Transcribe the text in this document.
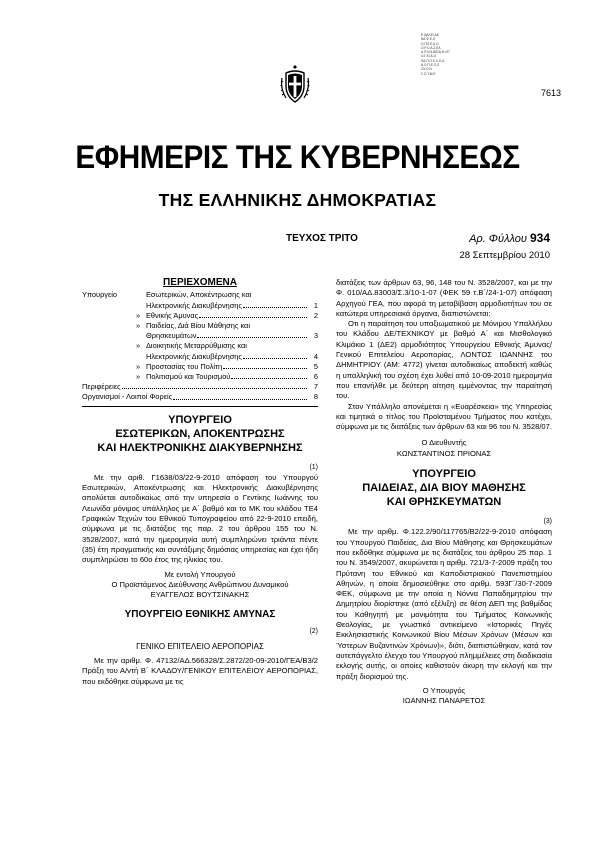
Ε.ΘΑΛΕΙ.ΑΚ
ΝΑ.Φ.Ε.Ο
Ο.ΠΟ.Ε.Α.Ο
Ο.Ρ.Ο.Α.Σ.ΕΑ
Α.Π.Ν.5.ΒΑΤΑ.Η.ΛΠ
Ο.Γ.ΕΙ.Α.Ο
ΠΑ.Π.Ο.Ε.Λ.Ο.Α
Α.Ο.Π.Ε.Π.Ο
ΟΥ.Ο.Ν
Σ.Ο.Τ.Μ.Ε
7613
ΕΦΗΜΕΡΙΣ ΤΗΣ ΚΥΒΕΡΝΗΣΕΩΣ
ΤΗΣ ΕΛΛΗΝΙΚΗΣ ΔΗΜΟΚΡΑΤΙΑΣ
ΤΕΥΧΟΣ ΤΡΙΤΟ	Αρ. Φύλλου 934
28 Σεπτεμβρίου 2010
ΠΕΡΙΕΧΟΜΕΝΑ
Υπουργείο		Εσωτερικών, Αποκέντρωσης και	

		Ηλεκτρονικής Διακυβέρνησης	1
	»	Εθνικής Άμυνας	2
	»	Παιδείας, Διά Βίου Μάθησης και	

		Θρησκευμάτων	3
	»	Διοικητικής Μεταρρύθμισης και	

		Ηλεκτρονικής Διακυβέρνησης	4
	»	Προστασίας του Πολίτη	5
	»	Πολιτισμού και Τουρισμού	6

Περιφέρειες			7

Οργανισμοί - Λοιποί Φορείς			8
ΥΠΟΥΡΓΕΙΟ
ΕΣΩΤΕΡΙΚΩΝ, ΑΠΟΚΕΝΤΡΩΣΗΣ
ΚΑΙ ΗΛΕΚΤΡΟΝΙΚΗΣ ΔΙΑΚΥΒΕΡΝΗΣΗΣ
(1)
Με την αριθ. Γ1638/03/22-9-2010 απόφαση του Υπουργού Εσωτερικών, Αποκέντρωσης και Ηλεκτρονικής Διακυβέρνησης απολύεται αυτοδικαίως από την υπηρεσία ο Γεντίκης Ιωάννης του Λεωνίδα μόνιμος υπάλληλος με Α΄ βαθμό και το ΜΚ του κλάδου ΤΕ4 Γραφικών Τεχνών του Εθνικού Τυπογραφείου από 22-9-2010 επειδή, σύμφωνα με τις διατάξεις της παρ. 2 του άρθρου 155 του Ν. 3528/2007, κατά την ημερομηνία αυτή συμπληρώνει τριάντα πέντε (35) έτη πραγματικής και συντάξιμης δημόσιας υπηρεσίας και έχει ήδη συμπληρώσει το 60ο έτος της ηλικίας του.
Με εντολή Υπουργού
Ο Προϊστάμενος Διεύθυνσης Ανθρώπινου Δυναμικού
ΕΥΑΓΓΕΛΟΣ ΒΟΥΤΣΙΝΑΚΗΣ
ΥΠΟΥΡΓΕΙΟ ΕΘΝΙΚΗΣ ΑΜΥΝΑΣ
(2)
ΓΕΝΙΚΟ ΕΠΙΤΕΛΕΙΟ ΑΕΡΟΠΟΡΙΑΣ
Με την αριθμ. Φ. 47132/ΑΔ.566328/Σ.2872/20-09-2010/ΓΕΑ/Β3/2 Πράξη του Α/ντή Β΄ ΚΛΑΔΟΥ/ΓΕΝΙΚΟΥ ΕΠΙΤΕΛΕΙΟΥ ΑΕΡΟΠΟΡΙΑΣ, που εκδόθηκε σύμφωνα με τις
διατάξεις των άρθρων 63, 96, 148 του Ν. 3528/2007, και με την Φ. 010/ΑΔ.83003/Σ.3/10-1-07 (ΦΕΚ 59 τ.Β΄/24-1-07) απόφαση Αρχηγού ΓΕΑ, που αφορά τη μεταβίβαση αρμοδιοτήτων του σε κατώτερα υπηρεσιακά όργανα, διαπιστώνεται:
Οτι η παραίτηση του υπαξιωματικού με Μόνιμου Υπαλλήλου του Κλάδου ΔΕ/ΤΕΧΝΙΚΟΥ με βαθμό Α΄ και Μισθολογικό Κλιμάκιο 1 (ΔΕ2) αρμοδιότητος Υπουργείου Εθνικής Άμυνας/Γενικού Επιτελείου Αεροπορίας, ΛΟΝΤΟΣ ΙΩΑΝΝΗΣ του ΔΗΜΗΤΡΙΟΥ (ΑΜ: 4772) γίνεται αυτοδικαίως αποδεκτή καθώς η υπαλληλική του σχέση έχει λυθεί από 10-09-2010 ημερομηνία που επανήλθε με δεύτερη αίτηση εμμένοντας την παραίτησή του.
Στον Υπάλληλο απονέμεται η «Ευαρέσκεια» της Υπηρεσίας και τιμητικά ο τίτλος του Προϊσταμένου Τμήματος που κατέχει, σύμφωνα με τις διατάξεις των άρθρων 63 και 96 του Ν. 3528/07.
Ο Διευθυντής
ΚΩΝΣΤΑΝΤΙΝΟΣ ΠΡΙΟΝΑΣ
ΥΠΟΥΡΓΕΙΟ
ΠΑΙΔΕΙΑΣ, ΔΙΑ ΒΙΟΥ ΜΑΘΗΣΗΣ
ΚΑΙ ΘΡΗΣΚΕΥΜΑΤΩΝ
(3)
Με την αριθμ. Φ.122.2/90/117765/Β2/22-9-2010 απόφαση του Υπουργού Παιδείας, Δια Βίου Μάθησης και Θρησκευμάτων που εκδόθηκε σύμφωνα με τις διατάξεις του άρθρου 25 παρ. 1 του Ν. 3549/2007, ακυρώνεται η αριθμ. 721/3-7-2009 πράξη του Πρύτανη του Εθνικού και Καποδιστριακού Πανεπιστημίου Αθηνών, η οποία δημοσιεύθηκε στο αριθμ. 593Γ΄/30-7-2009 ΦΕΚ, σύμφωνα με την οποία η Νόννα Παπαδημητρίου την Δημητρίου διορίστηκε (από εξέλιξη) σε θέση ΔΕΠ της βαθμίδας του Καθηγητή με μονιμότητα του Τμήματος Κοινωνικής Θεολογίας, με γνωστικό αντικείμενο «Ιστορικές Πηγές Εκκλησιαστικής Κοινωνικού Βίου Μέσων Χρόνων (Μέσων και Ύστερων Βυζαντινών Χρόνων)», διότι, διαπιστώθηκαν, κατά τον αυτεπάγγελτο έλεγχο του Υπουργού πλημμέλειες στη διαδικασία εκλογής αυτής, οι οποίες καθιστούν άκυρη την εκλογή και την πράξη διορισμού της.
Ο Υπουργός
ΙΩΑΝΝΗΣ ΠΑΝΑΡΕΤΟΣ
